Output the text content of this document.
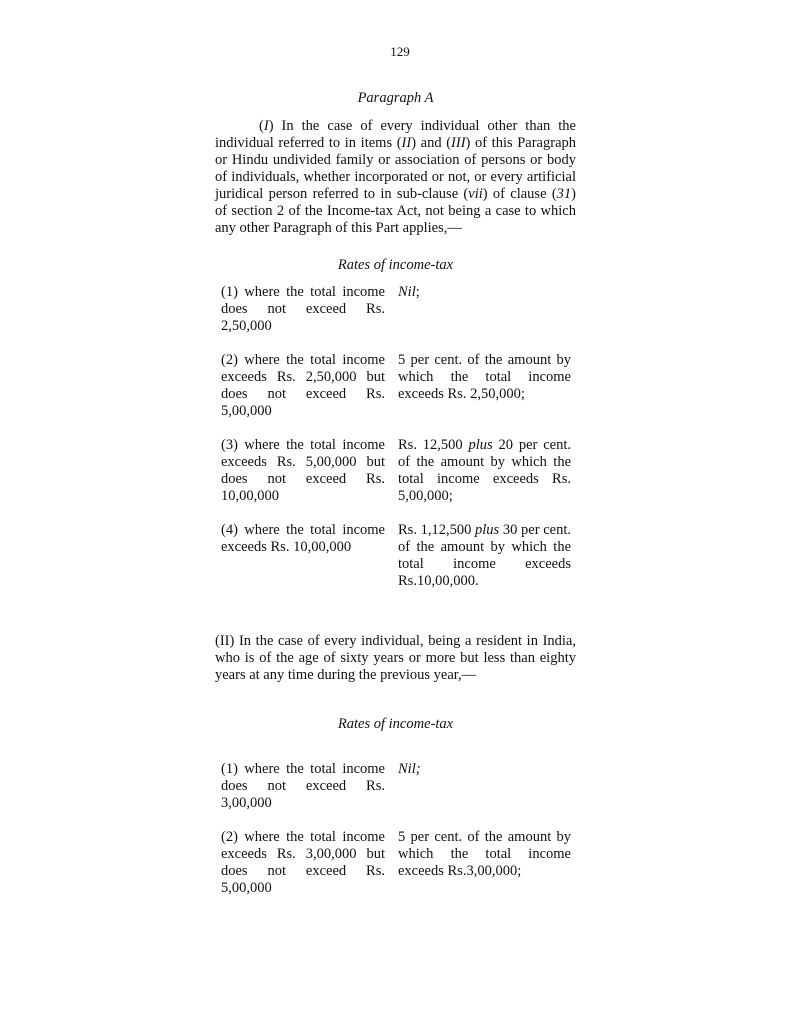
129
Paragraph A

(I) In the case of every individual other than the individual referred to in items (II) and (III) of this Paragraph or Hindu undivided family or association of persons or body of individuals, whether incorporated or not, or every artificial juridical person referred to in sub-clause (vii) of clause (31) of section 2 of the Income-tax Act, not being a case to which any other Paragraph of this Part applies,—

Rates of income-tax
(1) where the total income does not exceed Rs. 2,50,000	Nil;

(2) where the total income exceeds Rs. 2,50,000 but does not exceed Rs. 5,00,000	5 per cent. of the amount by which the total income exceeds Rs. 2,50,000;

(3) where the total income exceeds Rs. 5,00,000 but does not exceed Rs. 10,00,000	Rs. 12,500 plus 20 per cent. of the amount by which the total income exceeds Rs. 5,00,000;

(4) where the total income exceeds Rs. 10,00,000	Rs. 1,12,500 plus 30 per cent. of the amount by which the total income exceeds Rs.10,00,000.

(II) In the case of every individual, being a resident in India, who is of the age of sixty years or more but less than eighty years at any time during the previous year,—

Rates of income-tax
(1) where the total income does not exceed Rs. 3,00,000	Nil;

(2) where the total income exceeds Rs. 3,00,000 but does not exceed Rs. 5,00,000	5 per cent. of the amount by which the total income exceeds Rs.3,00,000;
